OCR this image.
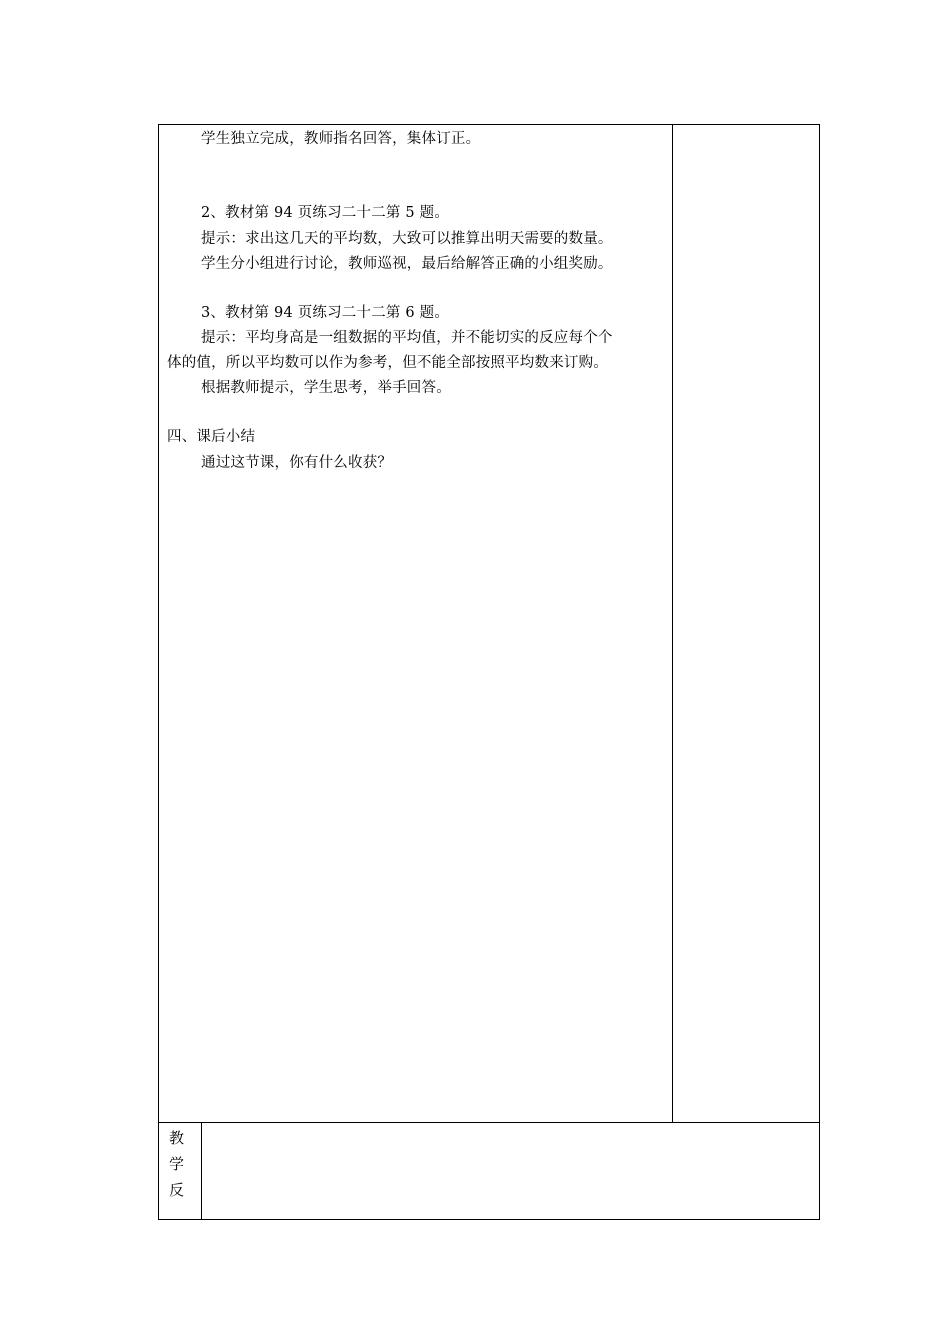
学生独立完成，教师指名回答，集体订正。
2、教材第 94 页练习二十二第 5 题。
提示：求出这几天的平均数，大致可以推算出明天需要的数量。
学生分小组进行讨论，教师巡视，最后给解答正确的小组奖励。
3、教材第 94 页练习二十二第 6 题。
提示：平均身高是一组数据的平均值，并不能切实的反应每个个
体的值，所以平均数可以作为参考，但不能全部按照平均数来订购。
根据教师提示，学生思考，举手回答。
四、课后小结
通过这节课，你有什么收获？
教
学
反
